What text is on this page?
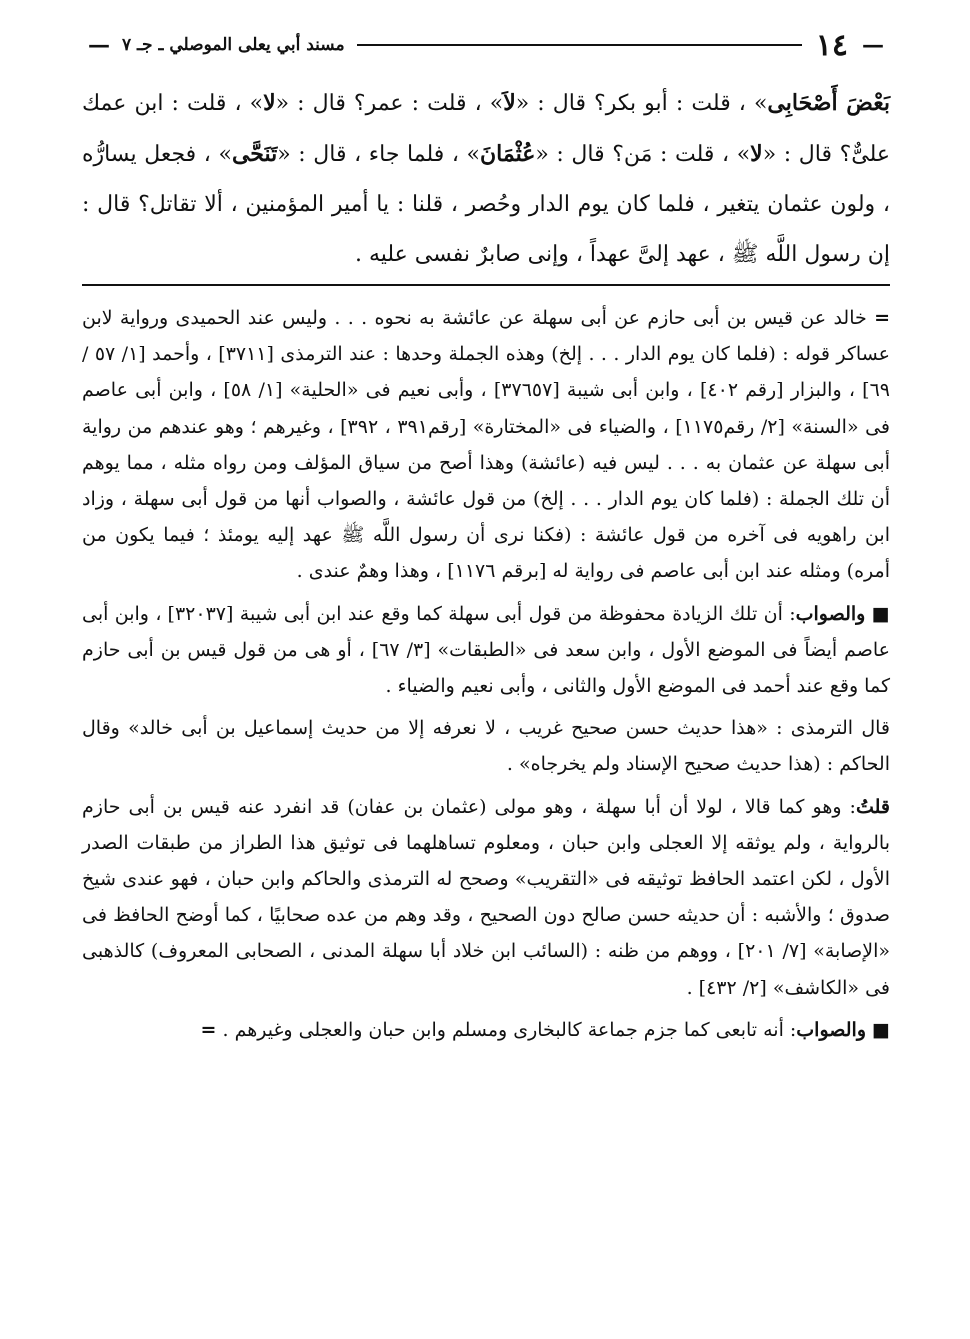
—
١٤
مسند أبي يعلى الموصلي ـ جـ ٧
—

بَعْضَ أَصْحَابِى» ، قلت : أبو بكر؟ قال : «لاَ» ، قلت : عمر؟ قال : «لا» ، قلت : ابن عمك علىٌّ؟ قال : «لا» ، قلت : مَن؟ قال : «عُثْمَانَ» ، فلما جاء ، قال : «تَنَحَّى» ، فجعل يسارُّه ، ولون عثمان يتغير ، فلما كان يوم الدار وحُصر ، قلنا : يا أمير المؤمنين ، ألا تقاتل؟ قال : إن رسول اللَّه ﷺ ، عهد إلىَّ عهداً ، وإنى صابرٌ نفسى عليه .

= خالد عن قيس بن أبى حازم عن أبى سهلة عن عائشة به نحوه . . . وليس عند الحميدى ورواية لابن عساكر قوله : (فلما كان يوم الدار . . . إلخ) وهذه الجملة وحدها : عند الترمذى [٣٧١١] ، وأحمد [١/ ٥٧ / ٦٩] ، والبزار [رقم ٤٠٢] ، وابن أبى شيبة [٣٧٦٥٧] ، وأبى نعيم فى «الحلية» [١/ ٥٨] ، وابن أبى عاصم فى «السنة» [٢/ رقم١١٧٥] ، والضياء فى «المختارة» [رقم٣٩١ ، ٣٩٢] ، وغيرهم ؛ وهو عندهم من رواية أبى سهلة عن عثمان به . . . ليس فيه (عائشة) وهذا أصح من سياق المؤلف ومن رواه مثله ، مما يوهم أن تلك الجملة : (فلما كان يوم الدار . . . إلخ) من قول عائشة ، والصواب أنها من قول أبى سهلة ، وزاد ابن راهويه فى آخره من قول عائشة : (فكنا نرى أن رسول اللَّه ﷺ عهد إليه يومئذ ؛ فيما يكون من أمره) ومثله عند ابن أبى عاصم فى رواية له [برقم ١١٧٦] ، وهذا وهمٌ عندى .

■ والصواب: أن تلك الزيادة محفوظة من قول أبى سهلة كما وقع عند ابن أبى شيبة [٣٢٠٣٧] ، وابن أبى عاصم أيضاً فى الموضع الأول ، وابن سعد فى «الطبقات» [٣/ ٦٧] ، أو هى من قول قيس بن أبى حازم كما وقع عند أحمد فى الموضع الأول والثانى ، وأبى نعيم والضياء .

قال الترمذى : «هذا حديث حسن صحيح غريب ، لا نعرفه إلا من حديث إسماعيل بن أبى خالد» وقال الحاكم : (هذا حديث صحيح الإسناد ولم يخرجاه» .

قلتُ: وهو كما قالا ، لولا أن أبا سهلة ، وهو مولى (عثمان بن عفان) قد انفرد عنه قيس بن أبى حازم بالرواية ، ولم يوثقه إلا العجلى وابن حبان ، ومعلوم تساهلهما فى توثيق هذا الطراز من طبقات الصدر الأول ، لكن اعتمد الحافظ توثيقه فى «التقريب» وصحح له الترمذى والحاكم وابن حبان ، فهو عندى شيخ صدوق ؛ والأشبه : أن حديثه حسن صالح دون الصحيح ، وقد وهم من عده صحابيًا ، كما أوضح الحافظ فى «الإصابة» [٧/ ٢٠١] ، ووهم من ظنه : (السائب ابن خلاد أبا سهلة المدنى ، الصحابى المعروف) كالذهبى فى «الكاشف» [٢/ ٤٣٢] .

■ والصواب: أنه تابعى كما جزم جماعة كالبخارى ومسلم وابن حبان والعجلى وغيرهم . =
